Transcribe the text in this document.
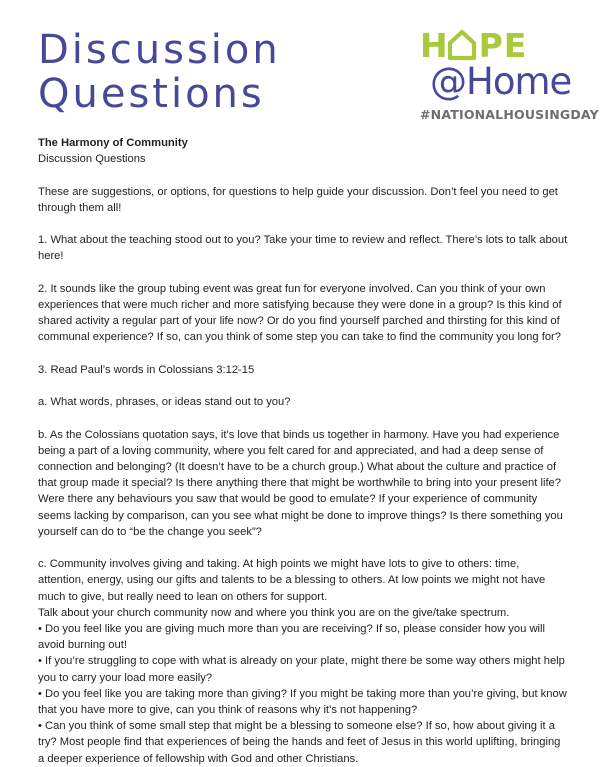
Discussion
Questions
H PE
@Home
#NATIONALHOUSINGDAY

The Harmony of Community

Discussion Questions

These are suggestions, or options, for questions to help guide your discussion. Don’t feel you need to get through them all!

1. What about the teaching stood out to you? Take your time to review and reflect. There’s lots to talk about here!

2. It sounds like the group tubing event was great fun for everyone involved. Can you think of your own experiences that were much richer and more satisfying because they were done in a group? Is this kind of shared activity a regular part of your life now? Or do you find yourself parched and thirsting for this kind of communal experience? If so, can you think of some step you can take to find the community you long for?

3. Read Paul’s words in Colossians 3:12-15

a. What words, phrases, or ideas stand out to you?

b. As the Colossians quotation says, it’s love that binds us together in harmony. Have you had experience being a part of a loving community, where you felt cared for and appreciated, and had a deep sense of connection and belonging? (It doesn’t have to be a church group.) What about the culture and practice of that group made it special? Is there anything there that might be worthwhile to bring into your present life? Were there any behaviours you saw that would be good to emulate? If your experience of community seems lacking by comparison, can you see what might be done to improve things? Is there something you yourself can do to “be the change you seek”?

c. Community involves giving and taking. At high points we might have lots to give to others: time, attention, energy, using our gifts and talents to be a blessing to others. At low points we might not have much to give, but really need to lean on others for support.

Talk about your church community now and where you think you are on the give/take spectrum.

• Do you feel like you are giving much more than you are receiving? If so, please consider how you will avoid burning out!

• If you’re struggling to cope with what is already on your plate, might there be some way others might help you to carry your load more easily?

• Do you feel like you are taking more than giving? If you might be taking more than you’re giving, but know that you have more to give, can you think of reasons why it’s not happening?

• Can you think of some small step that might be a blessing to someone else? If so, how about giving it a try? Most people find that experiences of being the hands and feet of Jesus in this world uplifting, bringing a deeper experience of fellowship with God and other Christians.
